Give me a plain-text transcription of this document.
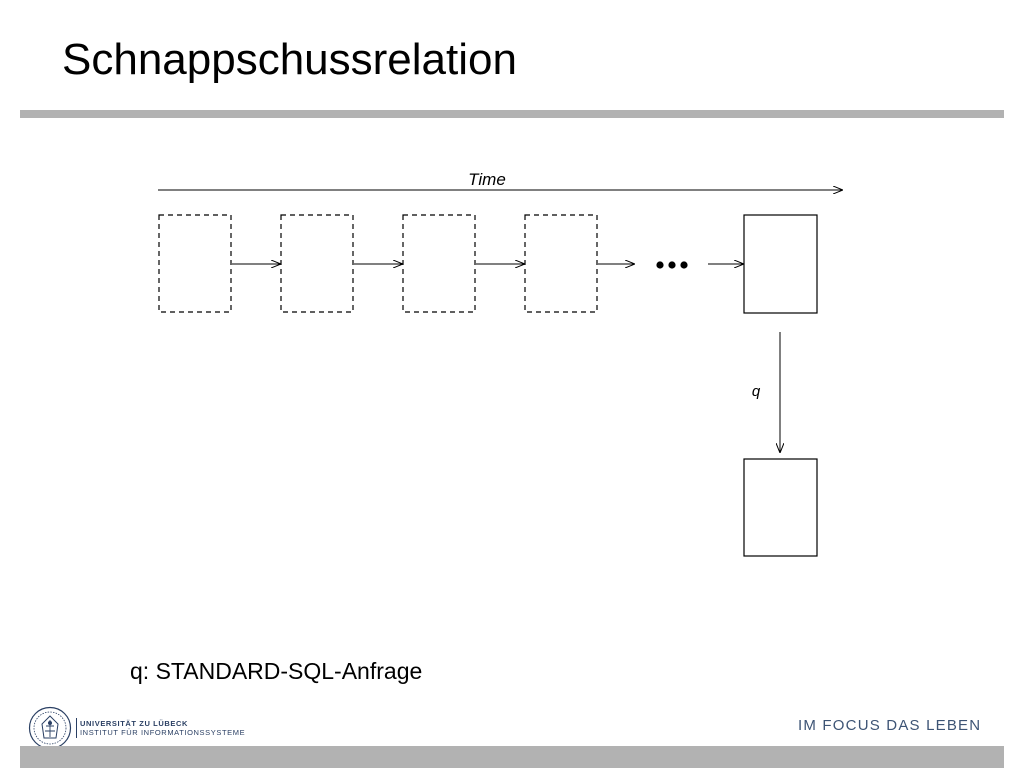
Schnappschussrelation
Time
q
q: STANDARD-SQL-Anfrage
UNIVERSITÄT ZU LÜBECK
INSTITUT FÜR INFORMATIONSSYSTEME	IM FOCUS DAS LEBEN
